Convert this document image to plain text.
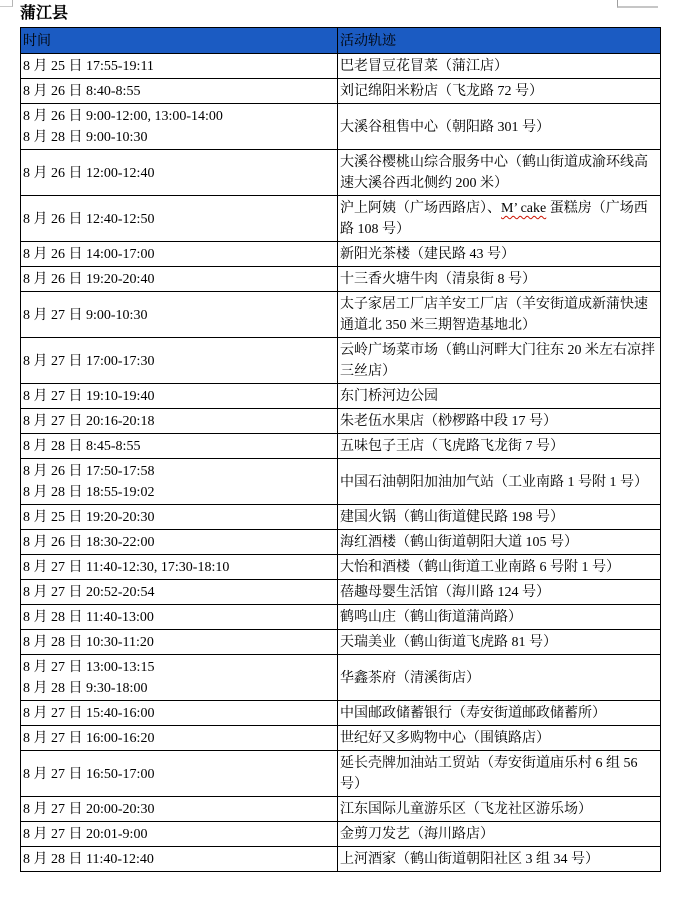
蒲江县
时间	活动轨迹

8 月 25 日 17:55-19:11	巴老冒豆花冒菜（蒲江店）

8 月 26 日 8:40-8:55	刘记绵阳米粉店（飞龙路 72 号）

8 月 26 日 9:00-12:00, 13:00-14:00
8 月 28 日 9:00-10:30	大溪谷租售中心（朝阳路 301 号）

8 月 26 日 12:00-12:40	大溪谷樱桃山综合服务中心（鹤山街道成渝环线高速大溪谷西北侧约 200 米）

8 月 26 日 12:40-12:50	沪上阿姨（广场西路店）、M’ cake 蛋糕房（广场西路 108 号）

8 月 26 日 14:00-17:00	新阳光茶楼（建民路 43 号）

8 月 26 日 19:20-20:40	十三香火塘牛肉（清泉街 8 号）

8 月 27 日 9:00-10:30	太子家居工厂店羊安工厂店（羊安街道成新蒲快速通道北 350 米三期智造基地北）

8 月 27 日 17:00-17:30	云岭广场菜市场（鹤山河畔大门往东 20 米左右凉拌三丝店）

8 月 27 日 19:10-19:40	东门桥河边公园

8 月 27 日 20:16-20:18	朱老伍水果店（桫椤路中段 17 号）

8 月 28 日 8:45-8:55	五味包子王店（飞虎路飞龙街 7 号）

8 月 26 日 17:50-17:58
8 月 28 日 18:55-19:02	中国石油朝阳加油加气站（工业南路 1 号附 1 号）

8 月 25 日 19:20-20:30	建国火锅（鹤山街道健民路 198 号）

8 月 26 日 18:30-22:00	海红酒楼（鹤山街道朝阳大道 105 号）

8 月 27 日 11:40-12:30, 17:30-18:10	大怡和酒楼（鹤山街道工业南路 6 号附 1 号）

8 月 27 日 20:52-20:54	蓓趣母婴生活馆（海川路 124 号）

8 月 28 日 11:40-13:00	鹤鸣山庄（鹤山街道蒲尚路）

8 月 28 日 10:30-11:20	天瑞美业（鹤山街道飞虎路 81 号）

8 月 27 日 13:00-13:15
8 月 28 日 9:30-18:00	华鑫茶府（清溪街店）

8 月 27 日 15:40-16:00	中国邮政储蓄银行（寿安街道邮政储蓄所）

8 月 27 日 16:00-16:20	世纪好又多购物中心（围镇路店）

8 月 27 日 16:50-17:00	延长壳牌加油站工贸站（寿安街道庙乐村 6 组 56 号）

8 月 27 日 20:00-20:30	江东国际儿童游乐区（飞龙社区游乐场）

8 月 27 日 20:01-9:00	金剪刀发艺（海川路店）

8 月 28 日 11:40-12:40	上河酒家（鹤山街道朝阳社区 3 组 34 号）
